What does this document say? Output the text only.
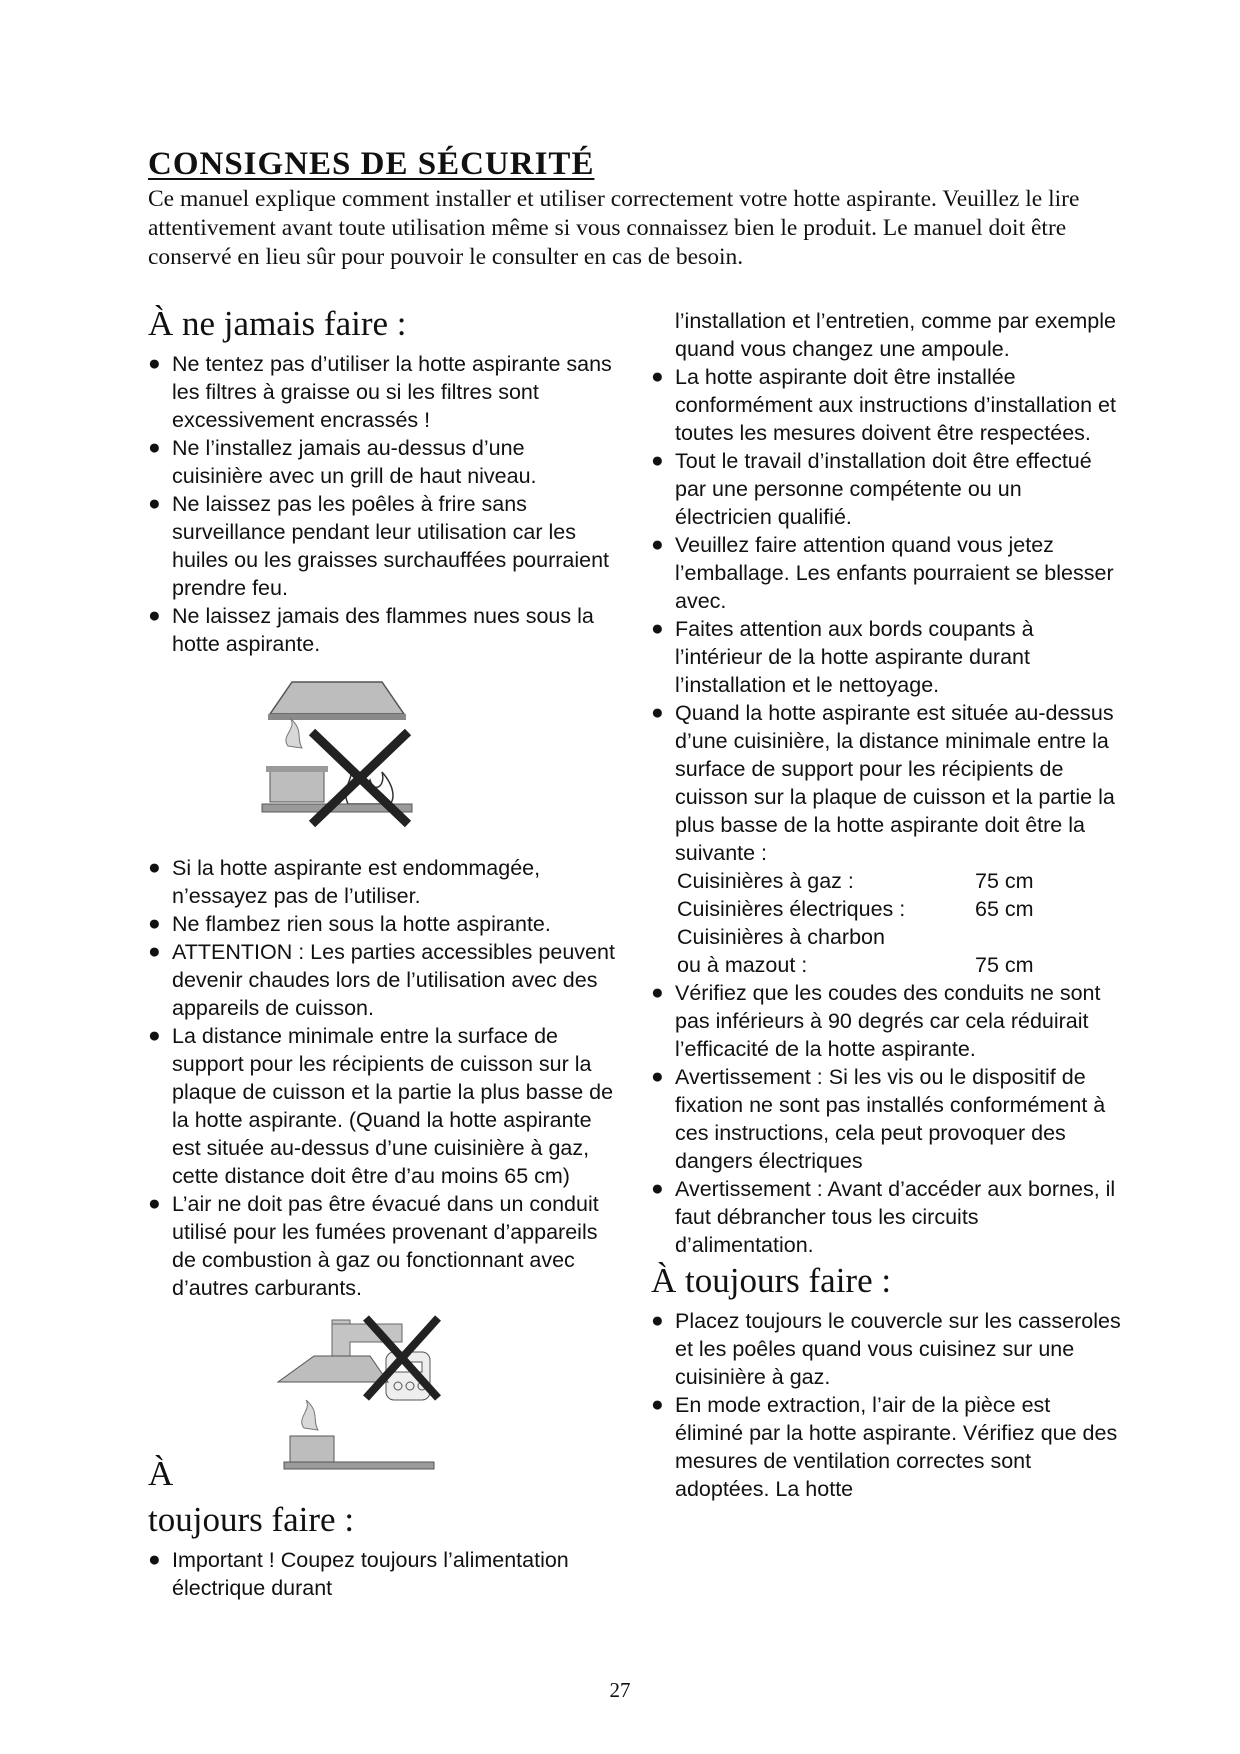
CONSIGNES DE SÉCURITÉ
Ce manuel explique comment installer et utiliser correctement votre hotte aspirante. Veuillez le lire attentivement avant toute utilisation même si vous connaissez bien le produit. Le manuel doit être conservé en lieu sûr pour pouvoir le consulter en cas de besoin.
À ne jamais faire :
● Ne tentez pas d’utiliser la hotte aspirante sans les filtres à graisse ou si les filtres sont excessivement encrassés !
● Ne l’installez jamais au-dessus d’une cuisinière avec un grill de haut niveau.
● Ne laissez pas les poêles à frire sans surveillance pendant leur utilisation car les huiles ou les graisses surchauffées pourraient prendre feu.
● Ne laissez jamais des flammes nues sous la hotte aspirante.
● Si la hotte aspirante est endommagée, n’essayez pas de l’utiliser.
● Ne flambez rien sous la hotte aspirante.
● ATTENTION : Les parties accessibles peuvent devenir chaudes lors de l’utilisation avec des appareils de cuisson.
● La distance minimale entre la surface de support pour les récipients de cuisson sur la plaque de cuisson et la partie la plus basse de la hotte aspirante. (Quand la hotte aspirante est située au-dessus d’une cuisinière à gaz, cette distance doit être d’au moins 65 cm)
● L’air ne doit pas être évacué dans un conduit utilisé pour les fumées provenant d’appareils de combustion à gaz ou fonctionnant avec d’autres carburants.
À
toujours faire :
● Important ! Coupez toujours l’alimentation électrique durant
l’installation et l’entretien, comme par exemple quand vous changez une ampoule.
● La hotte aspirante doit être installée conformément aux instructions d’installation et toutes les mesures doivent être respectées.
● Tout le travail d’installation doit être effectué par une personne compétente ou un électricien qualifié.
● Veuillez faire attention quand vous jetez l’emballage. Les enfants pourraient se blesser avec.
● Faites attention aux bords coupants à l’intérieur de la hotte aspirante durant l’installation et le nettoyage.
● Quand la hotte aspirante est située au-dessus d’une cuisinière, la distance minimale entre la surface de support pour les récipients de cuisson sur la plaque de cuisson et la partie la plus basse de la hotte aspirante doit être la suivante :
Cuisinières à gaz :	75 cm
Cuisinières électriques :	65 cm
Cuisinières à charbon	
ou à mazout :	75 cm
● Vérifiez que les coudes des conduits ne sont pas inférieurs à 90 degrés car cela réduirait l’efficacité de la hotte aspirante.
● Avertissement : Si les vis ou le dispositif de fixation ne sont pas installés conformément à ces instructions, cela peut provoquer des dangers électriques
● Avertissement : Avant d’accéder aux bornes, il faut débrancher tous les circuits d’alimentation.
À toujours faire :
● Placez toujours le couvercle sur les casseroles et les poêles quand vous cuisinez sur une cuisinière à gaz.
● En mode extraction, l’air de la pièce est éliminé par la hotte aspirante. Vérifiez que des mesures de ventilation correctes sont adoptées. La hotte
27
